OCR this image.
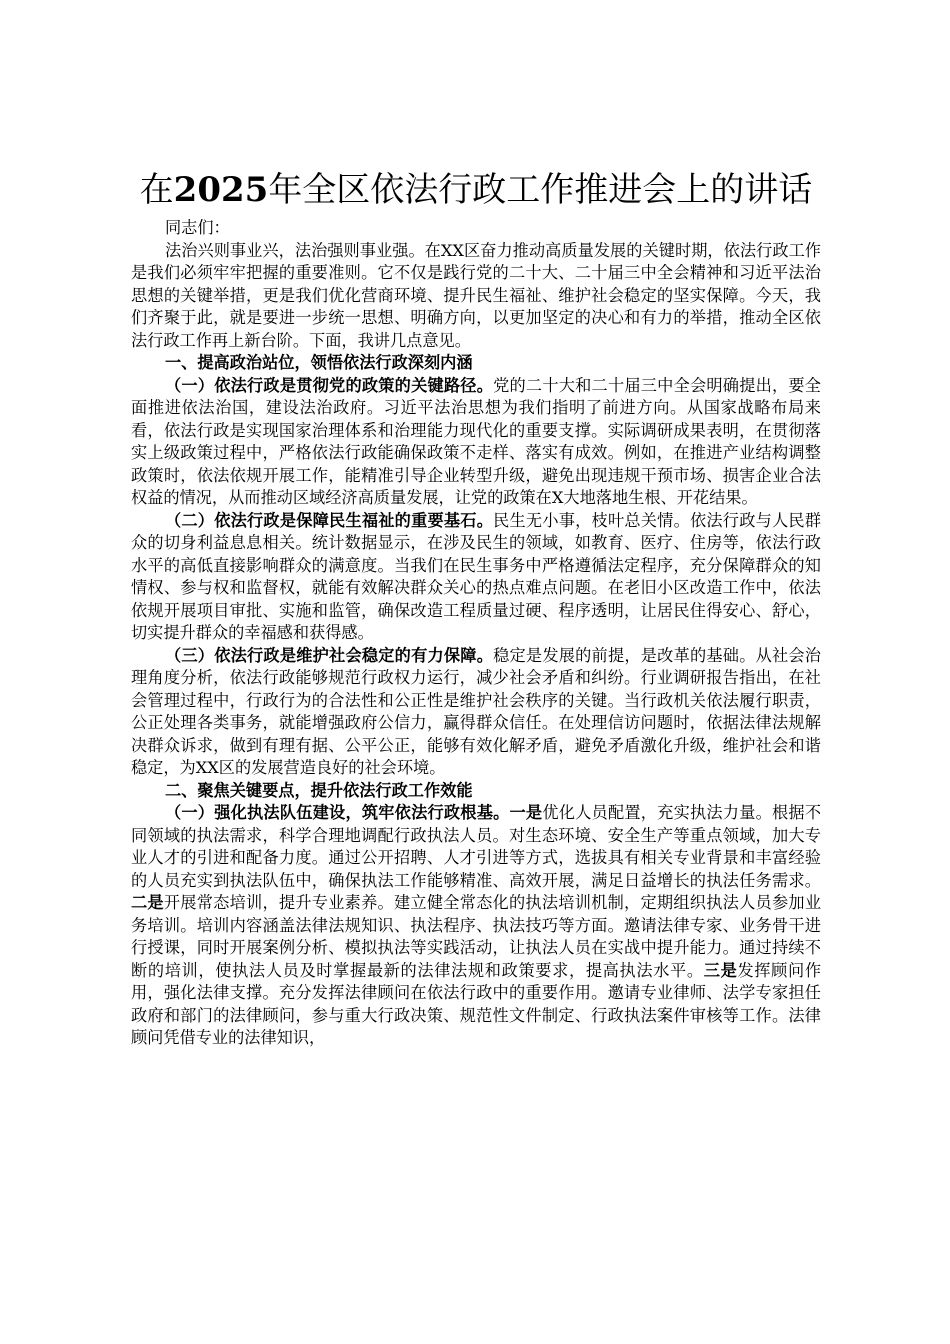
在2025年全区依法行政工作推进会上的讲话

同志们：

法治兴则事业兴，法治强则事业强。在XX区奋力推动高质量发展的关键时期，依法行政工作是我们必须牢牢把握的重要准则。它不仅是践行党的二十大、二十届三中全会精神和习近平法治思想的关键举措，更是我们优化营商环境、提升民生福祉、维护社会稳定的坚实保障。今天，我们齐聚于此，就是要进一步统一思想、明确方向，以更加坚定的决心和有力的举措，推动全区依法行政工作再上新台阶。下面，我讲几点意见。

一、提高政治站位，领悟依法行政深刻内涵

（一）依法行政是贯彻党的政策的关键路径。党的二十大和二十届三中全会明确提出，要全面推进依法治国，建设法治政府。习近平法治思想为我们指明了前进方向。从国家战略布局来看，依法行政是实现国家治理体系和治理能力现代化的重要支撑。实际调研成果表明，在贯彻落实上级政策过程中，严格依法行政能确保政策不走样、落实有成效。例如，在推进产业结构调整政策时，依法依规开展工作，能精准引导企业转型升级，避免出现违规干预市场、损害企业合法权益的情况，从而推动区域经济高质量发展，让党的政策在X大地落地生根、开花结果。

（二）依法行政是保障民生福祉的重要基石。民生无小事，枝叶总关情。依法行政与人民群众的切身利益息息相关。统计数据显示，在涉及民生的领域，如教育、医疗、住房等，依法行政水平的高低直接影响群众的满意度。当我们在民生事务中严格遵循法定程序，充分保障群众的知情权、参与权和监督权，就能有效解决群众关心的热点难点问题。在老旧小区改造工作中，依法依规开展项目审批、实施和监管，确保改造工程质量过硬、程序透明，让居民住得安心、舒心，切实提升群众的幸福感和获得感。

（三）依法行政是维护社会稳定的有力保障。稳定是发展的前提，是改革的基础。从社会治理角度分析，依法行政能够规范行政权力运行，减少社会矛盾和纠纷。行业调研报告指出，在社会管理过程中，行政行为的合法性和公正性是维护社会秩序的关键。当行政机关依法履行职责，公正处理各类事务，就能增强政府公信力，赢得群众信任。在处理信访问题时，依据法律法规解决群众诉求，做到有理有据、公平公正，能够有效化解矛盾，避免矛盾激化升级，维护社会和谐稳定，为XX区的发展营造良好的社会环境。

二、聚焦关键要点，提升依法行政工作效能

（一）强化执法队伍建设，筑牢依法行政根基。一是优化人员配置，充实执法力量。根据不同领域的执法需求，科学合理地调配行政执法人员。对生态环境、安全生产等重点领域，加大专业人才的引进和配备力度。通过公开招聘、人才引进等方式，选拔具有相关专业背景和丰富经验的人员充实到执法队伍中，确保执法工作能够精准、高效开展，满足日益增长的执法任务需求。二是开展常态培训，提升专业素养。建立健全常态化的执法培训机制，定期组织执法人员参加业务培训。培训内容涵盖法律法规知识、执法程序、执法技巧等方面。邀请法律专家、业务骨干进行授课，同时开展案例分析、模拟执法等实践活动，让执法人员在实战中提升能力。通过持续不断的培训，使执法人员及时掌握最新的法律法规和政策要求，提高执法水平。三是发挥顾问作用，强化法律支撑。充分发挥法律顾问在依法行政中的重要作用。邀请专业律师、法学专家担任政府和部门的法律顾问，参与重大行政决策、规范性文件制定、行政执法案件审核等工作。法律顾问凭借专业的法律知识，
